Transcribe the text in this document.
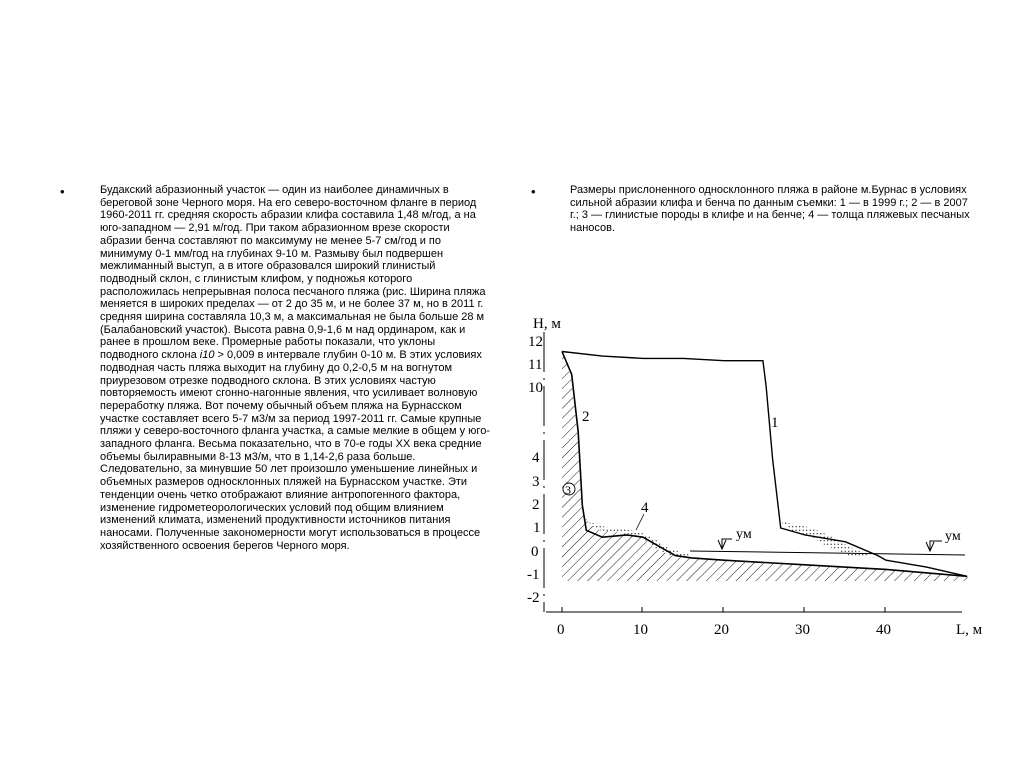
•	Будакский абразионный участок — один из наиболее динамичных в береговой зоне Черного моря. На его северо-восточном фланге в период 1960-2011 гг. средняя скорость абразии клифа составила 1,48 м/год, а на юго-западном — 2,91 м/год. При таком абразионном врезе скорости абразии бенча составляют по максимуму не менее 5-7 см/год и по минимуму 0-1 мм/год на глубинах 9-10 м. Размыву был подвершен межлиманный выступ, а в итоге образовался широкий глинистый подводный склон, с глинистым клифом, у подножья которого расположилась непрерывная полоса песчаного пляжа (рис. Ширина пляжа меняется в широких пределах — от 2 до 35 м, и не более 37 м, но в 2011 г. средняя ширина составляла 10,3 м, а максимальная не была больше 28 м (Балабановский участок). Высота равна 0,9-1,6 м над ординаром, как и ранее в прошлом веке. Промерные работы показали, что уклоны подводного склона i10 > 0,009 в интервале глубин 0-10 м. В этих условиях подводная часть пляжа выходит на глубину до 0,2-0,5 м на вогнутом приурезовом отрезке подводного склона. В этих условиях частую повторяемость имеют сгонно-нагонные явления, что усиливает волновую переработку пляжа. Вот почему обычный объем пляжа на Бурнасском участке составляет всего 5-7 м3/м за период 1997-2011 гг. Самые крупные пляжи у северо-восточного фланга участка, а самые мелкие в общем у юго-западного фланга. Весьма показательно, что в 70-е годы XX века средние объемы былиравными 8-13 м3/м, что в 1,14-2,6 раза больше. Следовательно, за минувшие 50 лет произошло уменьшение линейных и объемных размеров односклонных пляжей на Бурнасском участке. Эти тенденции очень четко отображают влияние антропогенного фактора, изменение гидрометеорологических условий под общим влиянием изменений климата, изменений продуктивности источников питания наносами. Полученные закономерности могут использоваться в процессе хозяйственного освоения берегов Черного моря.
•	Размеры прислоненного односклонного пляжа в районе м.Бурнас в условиях сильной абразии клифа и бенча по данным съемки: 1 — в 1999 г.; 2 — в 2007 г.; 3 — глинистые породы в клифе и на бенче; 4 — толща пляжевых песчаных наносов.
ум	ум
H, м
12
11
10
4
3
2
1
0
-1
-2
0	10	20	30	40	L, м
2	1
4
3
